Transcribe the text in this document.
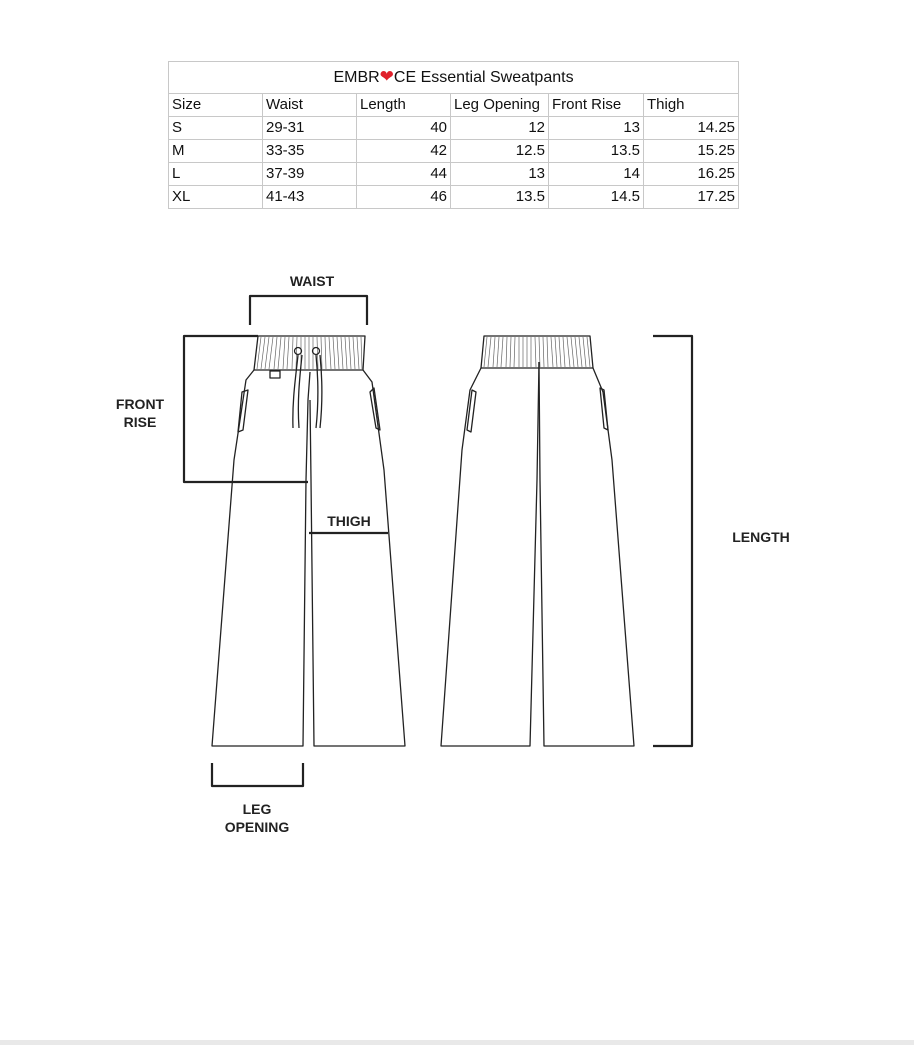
EMBR❤CE Essential Sweatpants					
Size	Waist	Length	Leg Opening	Front Rise	Thigh
S	29-31	40	12	13	14.25
M	33-35	42	12.5	13.5	15.25
L	37-39	44	13	14	16.25
XL	41-43	46	13.5	14.5	17.25
WAIST
FRONT
RISE
THIGH
LENGTH
LEG
OPENING
